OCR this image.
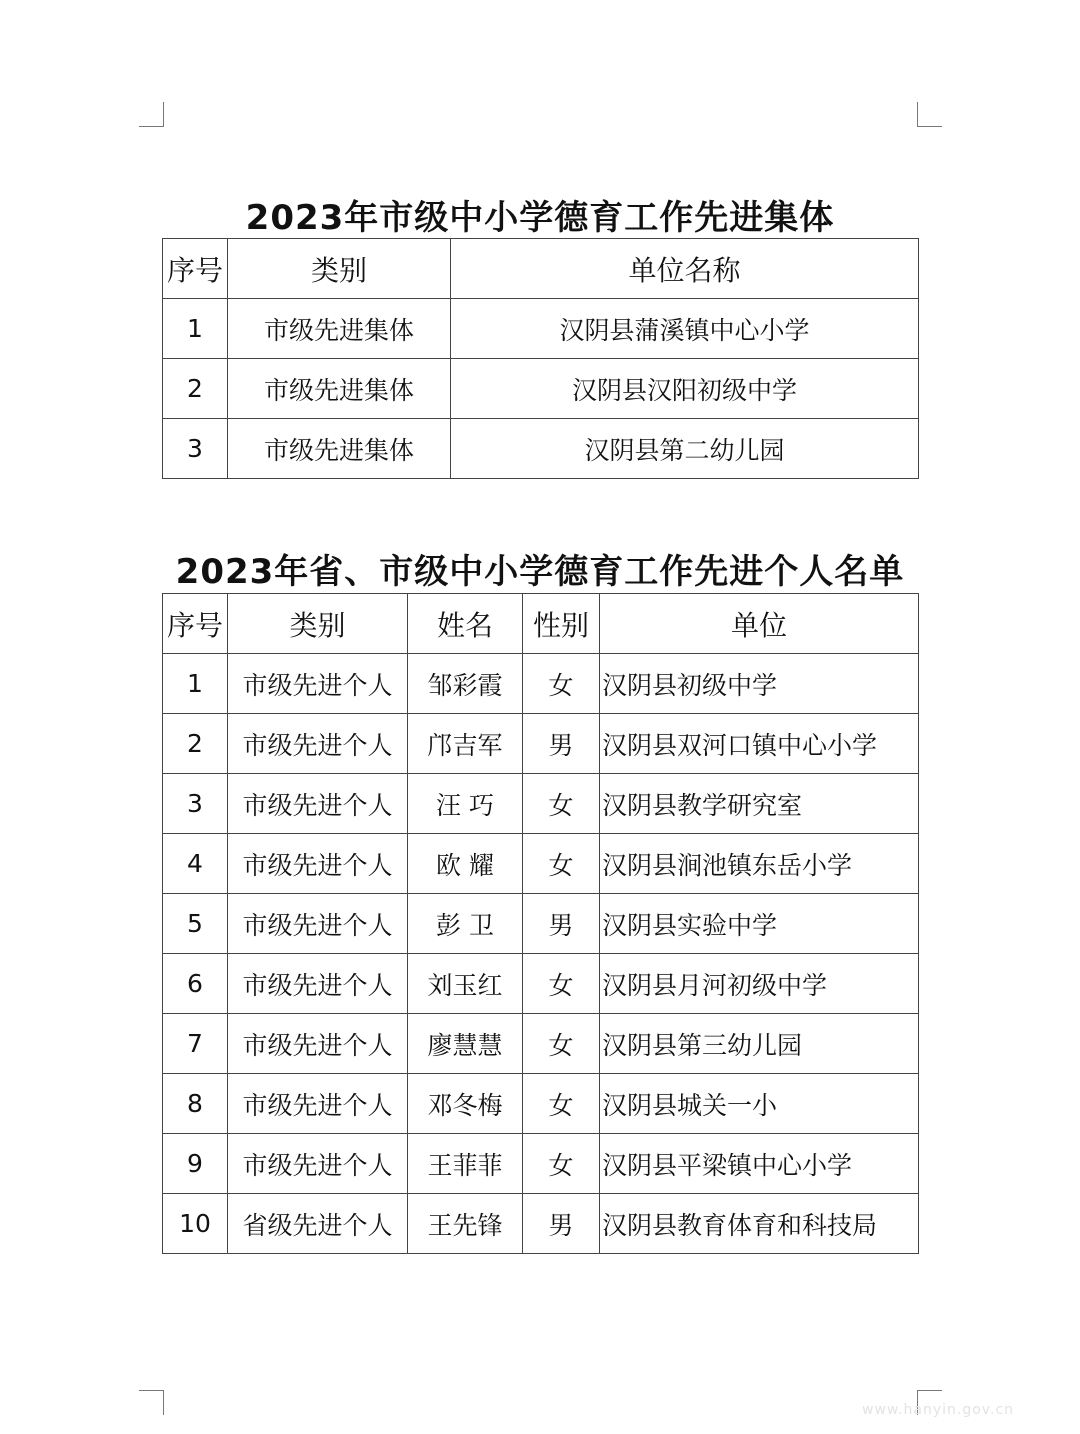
2023年市级中小学德育工作先进集体
序号	类别	单位名称
1	市级先进集体	汉阴县蒲溪镇中心小学
2	市级先进集体	汉阴县汉阳初级中学
3	市级先进集体	汉阴县第二幼儿园
2023年省、市级中小学德育工作先进个人名单
序号	类别	姓名	性别	单位
1	市级先进个人	邹彩霞	女	汉阴县初级中学
2	市级先进个人	邝吉军	男	汉阴县双河口镇中心小学
3	市级先进个人	汪 巧	女	汉阴县教学研究室
4	市级先进个人	欧 耀	女	汉阴县涧池镇东岳小学
5	市级先进个人	彭 卫	男	汉阴县实验中学
6	市级先进个人	刘玉红	女	汉阴县月河初级中学
7	市级先进个人	廖慧慧	女	汉阴县第三幼儿园
8	市级先进个人	邓冬梅	女	汉阴县城关一小
9	市级先进个人	王菲菲	女	汉阴县平梁镇中心小学
10	省级先进个人	王先锋	男	汉阴县教育体育和科技局
www.hanyin.gov.cn
